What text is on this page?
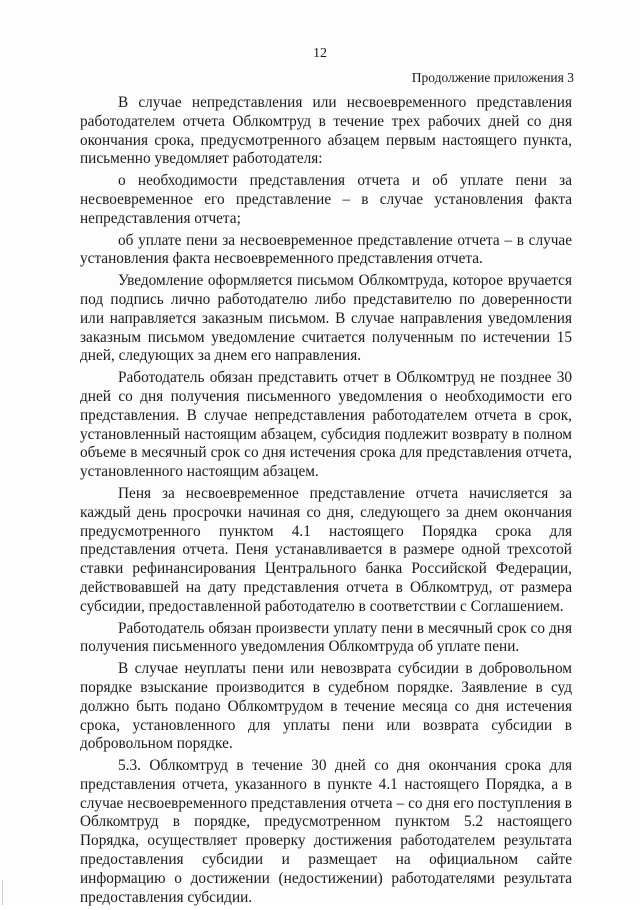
12
Продолжение приложения 3

В случае непредставления или несвоевременного представления работодателем отчета Облкомтруд в течение трех рабочих дней со дня окончания срока, предусмотренного абзацем первым настоящего пункта, письменно уведомляет работодателя:

о необходимости представления отчета и об уплате пени за несвоевременное его представление – в случае установления факта непредставления отчета;

об уплате пени за несвоевременное представление отчета – в случае установления факта несвоевременного представления отчета.

Уведомление оформляется письмом Облкомтруда, которое вручается под подпись лично работодателю либо представителю по доверенности или направляется заказным письмом. В случае направления уведомления заказным письмом уведомление считается полученным по истечении 15 дней, следующих за днем его направления.

Работодатель обязан представить отчет в Облкомтруд не позднее 30 дней со дня получения письменного уведомления о необходимости его представления. В случае непредставления работодателем отчета в срок, установленный настоящим абзацем, субсидия подлежит возврату в полном объеме в месячный срок со дня истечения срока для представления отчета, установленного настоящим абзацем.

Пеня за несвоевременное представление отчета начисляется за каждый день просрочки начиная со дня, следующего за днем окончания предусмотренного пунктом 4.1 настоящего Порядка срока для представления отчета. Пеня устанавливается в размере одной трехсотой ставки рефинансирования Центрального банка Российской Федерации, действовавшей на дату представления отчета в Облкомтруд, от размера субсидии, предоставленной работодателю в соответствии с Соглашением.

Работодатель обязан произвести уплату пени в месячный срок со дня получения письменного уведомления Облкомтруда об уплате пени.

В случае неуплаты пени или невозврата субсидии в добровольном порядке взыскание производится в судебном порядке. Заявление в суд должно быть подано Облкомтрудом в течение месяца со дня истечения срока, установленного для уплаты пени или возврата субсидии в добровольном порядке.

5.3. Облкомтруд в течение 30 дней со дня окончания срока для представления отчета, указанного в пункте 4.1 настоящего Порядка, а в случае несвоевременного представления отчета – со дня его поступления в Облкомтруд в порядке, предусмотренном пунктом 5.2 настоящего Порядка, осуществляет проверку достижения работодателем результата предоставления субсидии и размещает на официальном сайте информацию о достижении (недостижении) работодателями результата предоставления субсидии.
